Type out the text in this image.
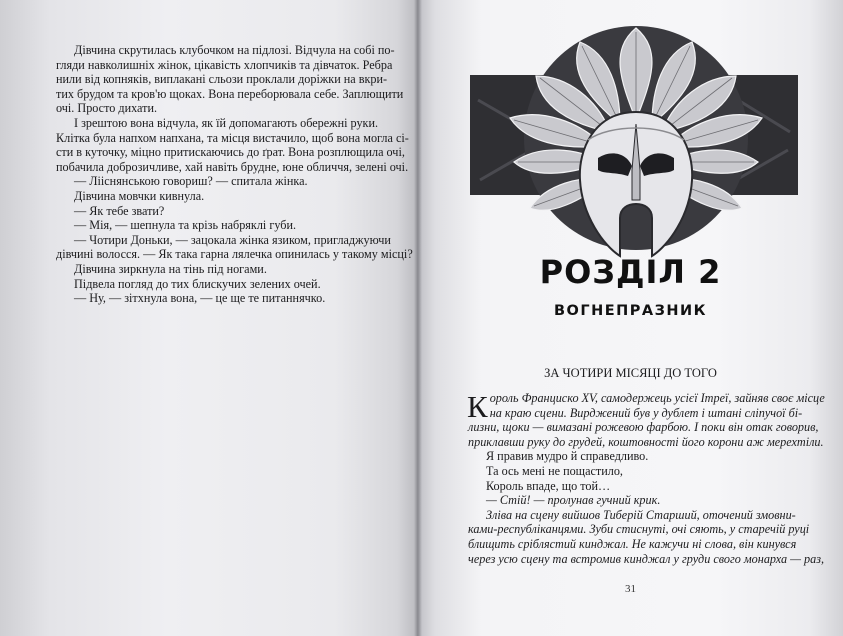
Дівчина скрутилась клубочком на підлозі. Відчула на собі по-
гляди навколишніх жінок, цікавість хлопчиків та дівчаток. Ребра
нили від копняків, виплакані сльози проклали доріжки на вкри-
тих брудом та кров'ю щоках. Вона переборювала себе. Заплющити
очі. Просто дихати.
І зрештою вона відчула, як їй допомагають обережні руки.
Клітка була напхом напхана, та місця вистачило, щоб вона могла сі-
сти в куточку, міцно притискаючись до ґрат. Вона розплющила очі,
побачила доброзичливе, хай навіть брудне, юне обличчя, зелені очі.
— Лііснянською говориш? — спитала жінка.
Дівчина мовчки кивнула.
— Як тебе звати?
— Мія, — шепнула та крізь набряклі губи.
— Чотири Доньки, — зацокала жінка язиком, пригладжуючи
дівчині волосся. — Як така гарна лялечка опинилась у такому місці?
Дівчина зиркнула на тінь під ногами.
Підвела погляд до тих блискучих зелених очей.
— Ну, — зітхнула вона, — це ще те питаннячко.
РОЗДІЛ 2
ВОГНЕПРАЗНИК
ЗА ЧОТИРИ МІСЯЦІ ДО ТОГО
К ороль Франциско XV, самодержець усієї Ітреї, зайняв своє місце
на краю сцени. Вирджений був у дублет і штані сліпучої бі-
лизни, щоки — вимазані рожевою фарбою. І поки він отак говорив,
приклавши руку до грудей, коштовності його корони аж мерехтіли.
Я правив мудро й справедливо.
Та ось мені не пощастило,
Король впаде, що той…
— Стій! — пролунав гучний крик.
Зліва на сцену вийшов Тиберій Старший, оточений змовни-
ками-республіканцями. Зуби стиснуті, очі сяють, у старечій руці
блищить сріблястий кинджал. Не кажучи ні слова, він кинувся
через усю сцену та встромив кинджал у груди свого монарха — раз,
31
